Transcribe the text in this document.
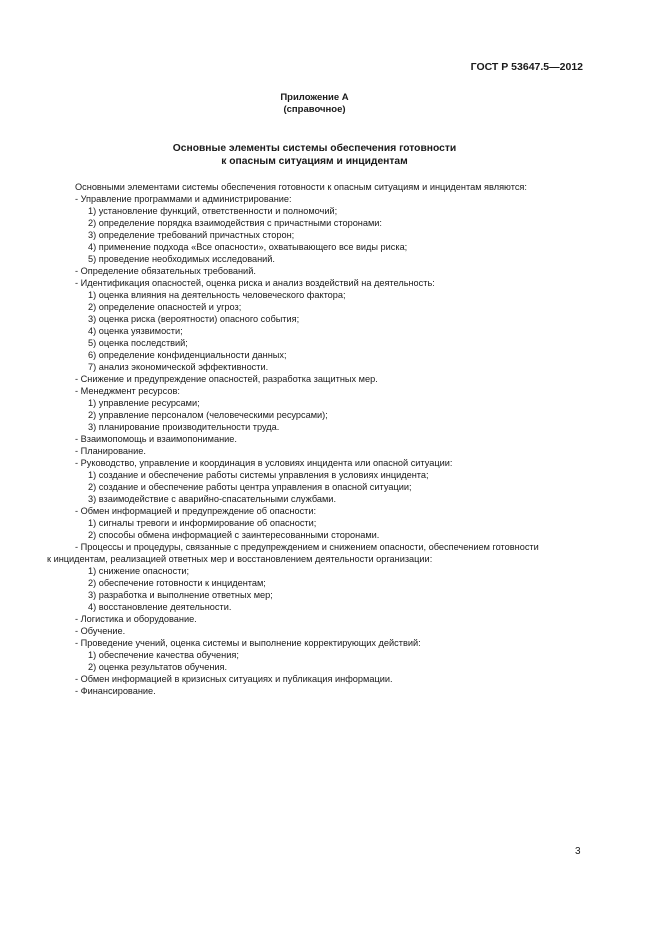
ГОСТ Р 53647.5—2012
Приложение А
(справочное)
Основные элементы системы обеспечения готовности
к опасным ситуациям и инцидентам
Основными элементами системы обеспечения готовности к опасным ситуациям и инцидентам являются:
- Управление программами и администрирование:
1) установление функций, ответственности и полномочий;
2) определение порядка взаимодействия с причастными сторонами:
3) определение требований причастных сторон;
4) применение подхода «Все опасности», охватывающего все виды риска;
5) проведение необходимых исследований.
- Определение обязательных требований.
- Идентификация опасностей, оценка риска и анализ воздействий на деятельность:
1) оценка влияния на деятельность человеческого фактора;
2) определение опасностей и угроз;
3) оценка риска (вероятности) опасного события;
4) оценка уязвимости;
5) оценка последствий;
6) определение конфиденциальности данных;
7) анализ экономической эффективности.
- Снижение и предупреждение опасностей, разработка защитных мер.
- Менеджмент ресурсов:
1) управление ресурсами;
2) управление персоналом (человеческими ресурсами);
3) планирование производительности труда.
- Взаимопомощь и взаимопонимание.
- Планирование.
- Руководство, управление и координация в условиях инцидента или опасной ситуации:
1) создание и обеспечение работы системы управления в условиях инцидента;
2) создание и обеспечение работы центра управления в опасной ситуации;
3) взаимодействие с аварийно-спасательными службами.
- Обмен информацией и предупреждение об опасности:
1) сигналы тревоги и информирование об опасности;
2) способы обмена информацией с заинтересованными сторонами.
- Процессы и процедуры, связанные с предупреждением и снижением опасности, обеспечением готовности
к инцидентам, реализацией ответных мер и восстановлением деятельности организации:
1) снижение опасности;
2) обеспечение готовности к инцидентам;
3) разработка и выполнение ответных мер;
4) восстановление деятельности.
- Логистика и оборудование.
- Обучение.
- Проведение учений, оценка системы и выполнение корректирующих действий:
1) обеспечение качества обучения;
2) оценка результатов обучения.
- Обмен информацией в кризисных ситуациях и публикация информации.
- Финансирование.
3
